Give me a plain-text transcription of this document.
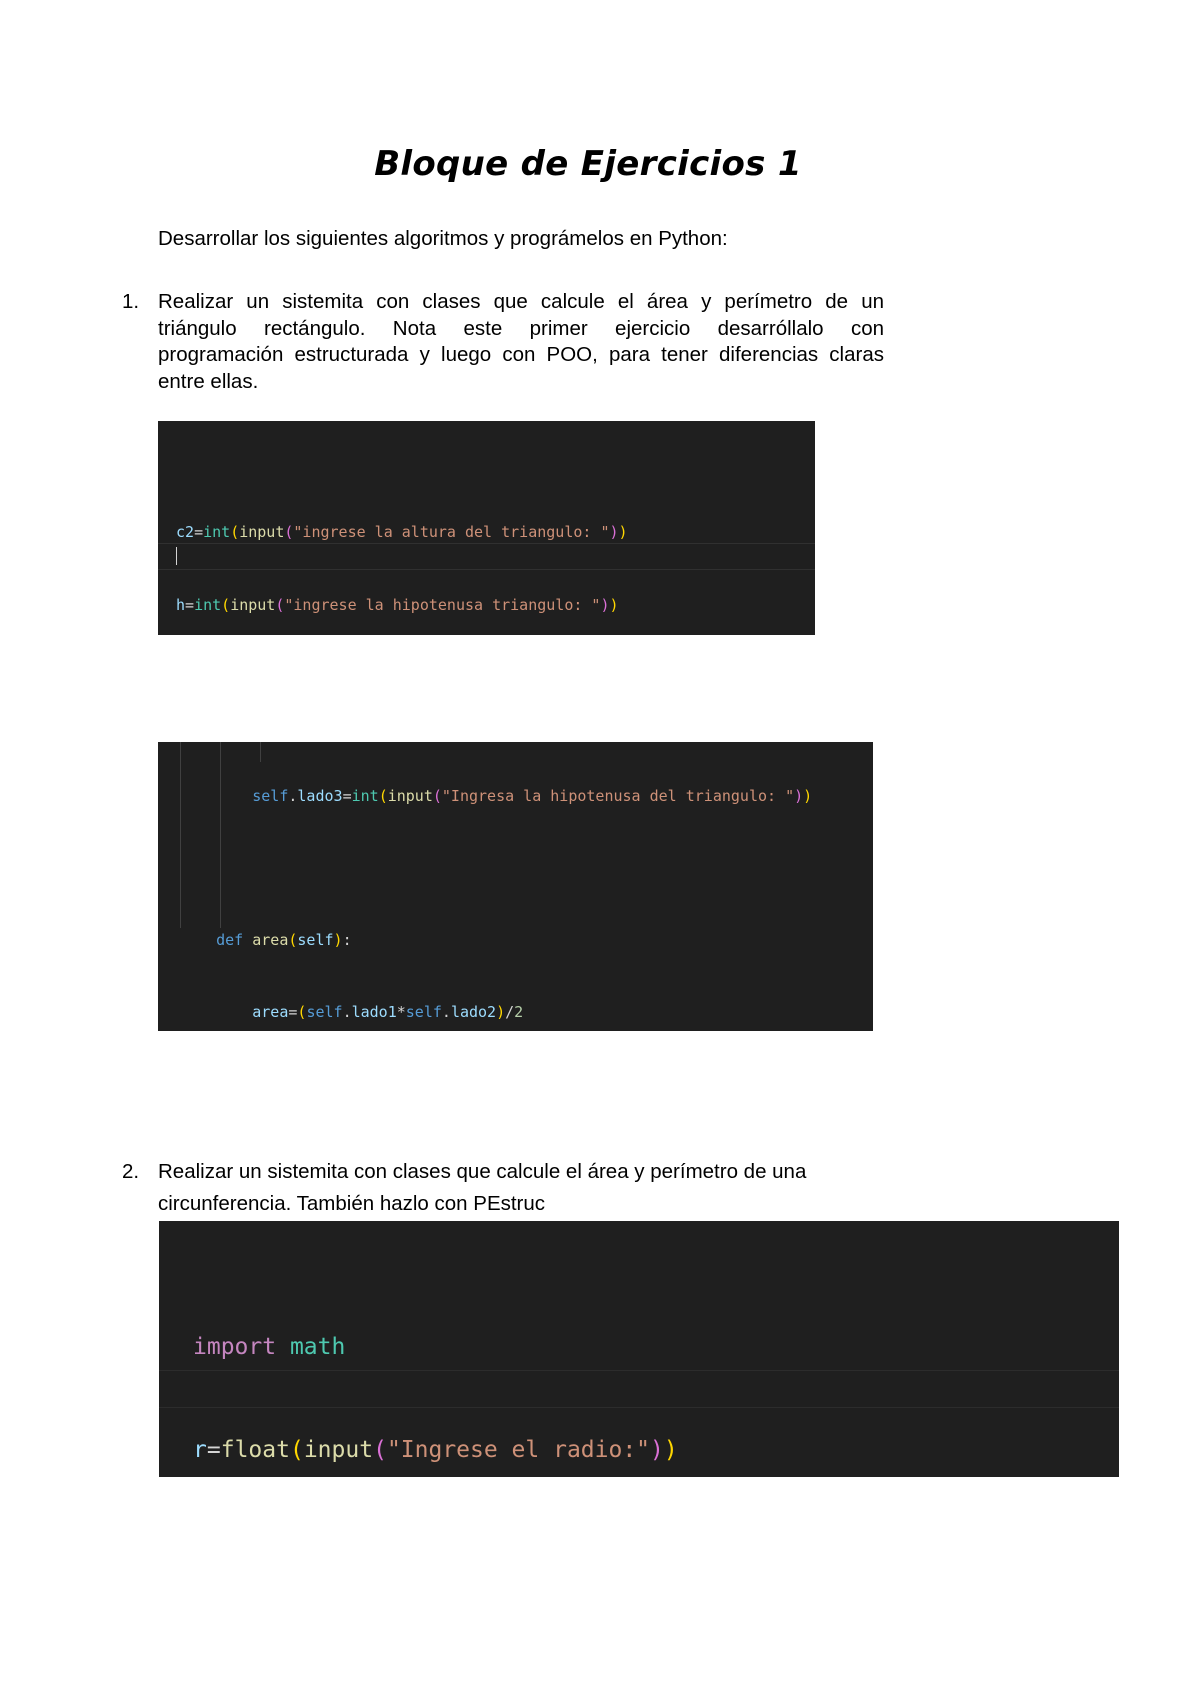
Bloque de Ejercicios 1
Desarrollar los siguientes algoritmos y prográmelos en Python:
1. Realizar un sistemita con clases que calcule el área y perímetro de un
triángulo rectángulo. Nota este primer ejercicio desarróllalo con
programación estructurada y luego con POO, para tener diferencias claras
entre ellas.

c2=int(input("ingrese la altura del triangulo: "))

h=int(input("ingrese la hipotenusa triangulo: "))

self.lado3=int(input("Ingresa la hipotenusa del triangulo: "))

def area(self):

area=(self.lado1*self.lado2)/2

2. Realizar un sistemita con clases que calcule el área y perímetro de una
circunferencia. También hazlo con PEstruc

import math

r=float(input("Ingrese el radio:"))
